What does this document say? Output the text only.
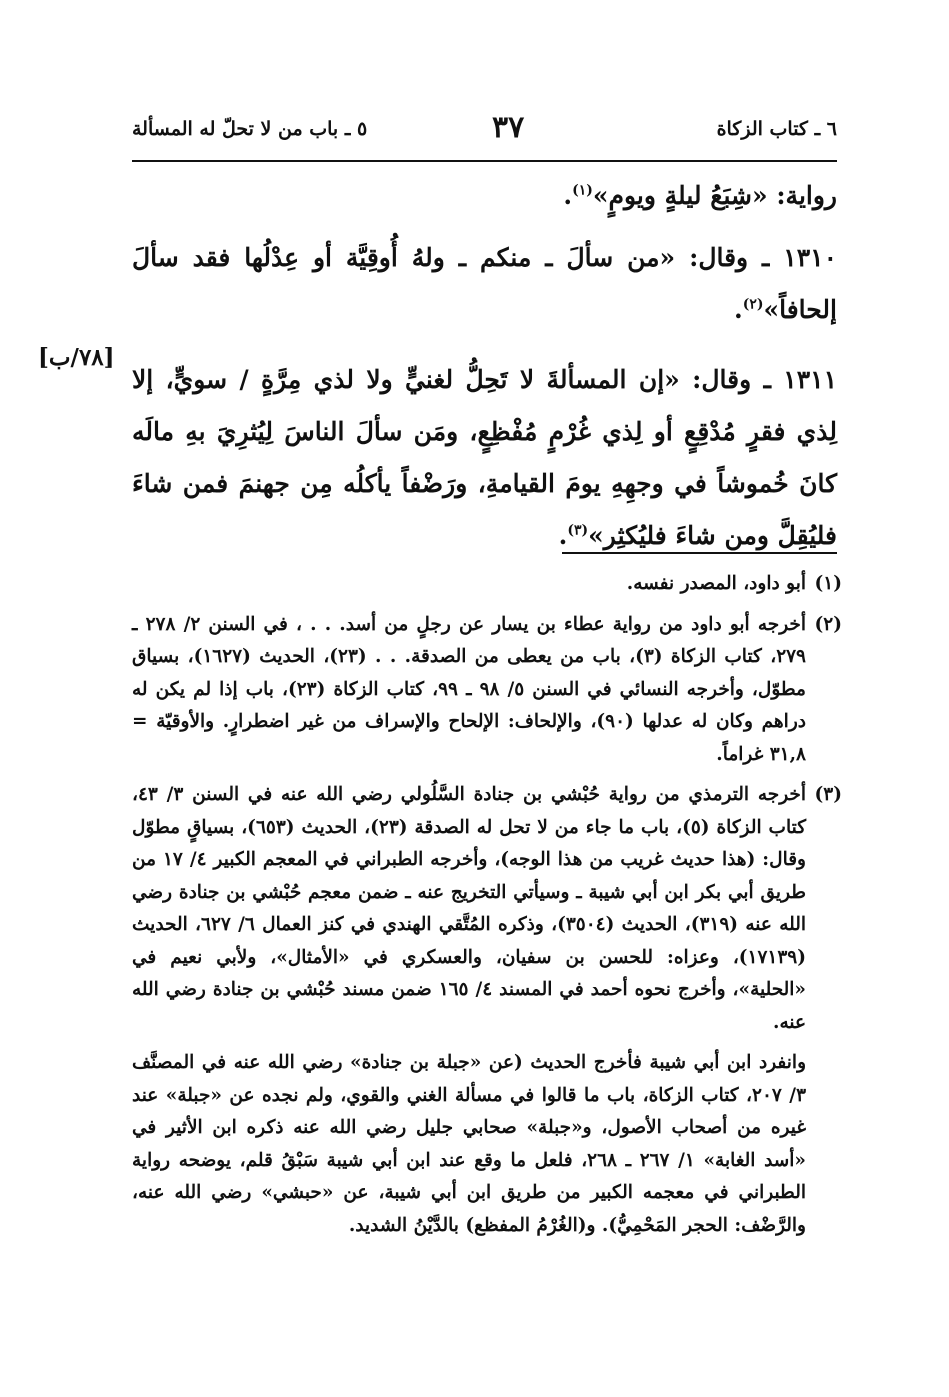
٦ ـ كتاب الزكاة
٣٧
٥ ـ باب من لا تحلّ له المسألة

رواية: «شِبَعُ ليلةٍ ويومٍ»$^{(١)}$.

١٣١٠ ـ وقال: «من سألَ ـ منكم ـ ولهُ أُوقِيَّة أو عِدْلُها فقد سألَ إلحافاً»$^{(٢)}$.

١٣١١ ـ وقال: «إن المسألةَ لا تَحِلُّ لغنيٍّ ولا لذي مِرَّةٍ / سويٍّ، إلا لِذي فقرٍ مُدْقِعٍ أو لِذي غُرْمٍ مُفْظِعٍ، ومَن سألَ الناسَ لِيُثرِيَ بهِ مالَه كانَ خُموشاً في وجهِهِ يومَ القيامةِ، ورَضْفاً يأكلُه مِن جهنمَ فمن شاءَ فليُقِلَّ ومن شاءَ فليُكثِر»$^{(٣)}$.

[٧٨/ب]
(١)
أبو داود، المصدر نفسه.
(٢)
أخرجه أبو داود من رواية عطاء بن يسار عن رجلٍ من أسد. . . ، في السنن ٢/ ٢٧٨ ـ ٢٧٩، كتاب الزكاة (٣)، باب من يعطى من الصدقة. . . (٢٣)، الحديث (١٦٢٧)، بسياق مطوّل، وأخرجه النسائي في السنن ٥/ ٩٨ ـ ٩٩، كتاب الزكاة (٢٣)، باب إذا لم يكن له دراهم وكان له عدلها (٩٠)، والإلحاف: الإلحاح والإسراف من غير اضطرارٍ. والأوقيّة = ٣١,٨ غراماً.
(٣)
أخرجه الترمذي من رواية حُبْشي بن جنادة السَّلُولي رضي الله عنه في السنن ٣/ ٤٣، كتاب الزكاة (٥)، باب ما جاء من لا تحل له الصدقة (٢٣)، الحديث (٦٥٣)، بسياقٍ مطوّل وقال: (هذا حديث غريب من هذا الوجه)، وأخرجه الطبراني في المعجم الكبير ٤/ ١٧ من طريق أبي بكر ابن أبي شيبة ـ وسيأتي التخريج عنه ـ ضمن معجم حُبْشي بن جنادة رضي الله عنه (٣١٩)، الحديث (٣٥٠٤)، وذكره المُتَّقي الهندي في كنز العمال ٦/ ٦٢٧، الحديث (١٧١٣٩)، وعزاه: للحسن بن سفيان، والعسكري في «الأمثال»، ولأبي نعيم في «الحلية»، وأخرج نحوه أحمد في المسند ٤/ ١٦٥ ضمن مسند حُبْشي بن جنادة رضي الله عنه.

وانفرد ابن أبي شيبة فأخرج الحديث (عن «جبلة بن جنادة» رضي الله عنه في المصنَّف ٣/ ٢٠٧، كتاب الزكاة، باب ما قالوا في مسألة الغني والقوي، ولم نجده عن «جبلة» عند غيره من أصحاب الأصول، و«جبلة» صحابي جليل رضي الله عنه ذكره ابن الأثير في «أسد الغابة» ١/ ٢٦٧ ـ ٢٦٨، فلعل ما وقع عند ابن أبي شيبة سَبْقُ قلم، يوضحه رواية الطبراني في معجمه الكبير من طريق ابن أبي شيبة، عن «حبشي» رضي الله عنه، والرَّضْف: الحجر المَحْمِيُّ). و(الغُرْمُ المفظع) بالدَّيْنُ الشديد.
